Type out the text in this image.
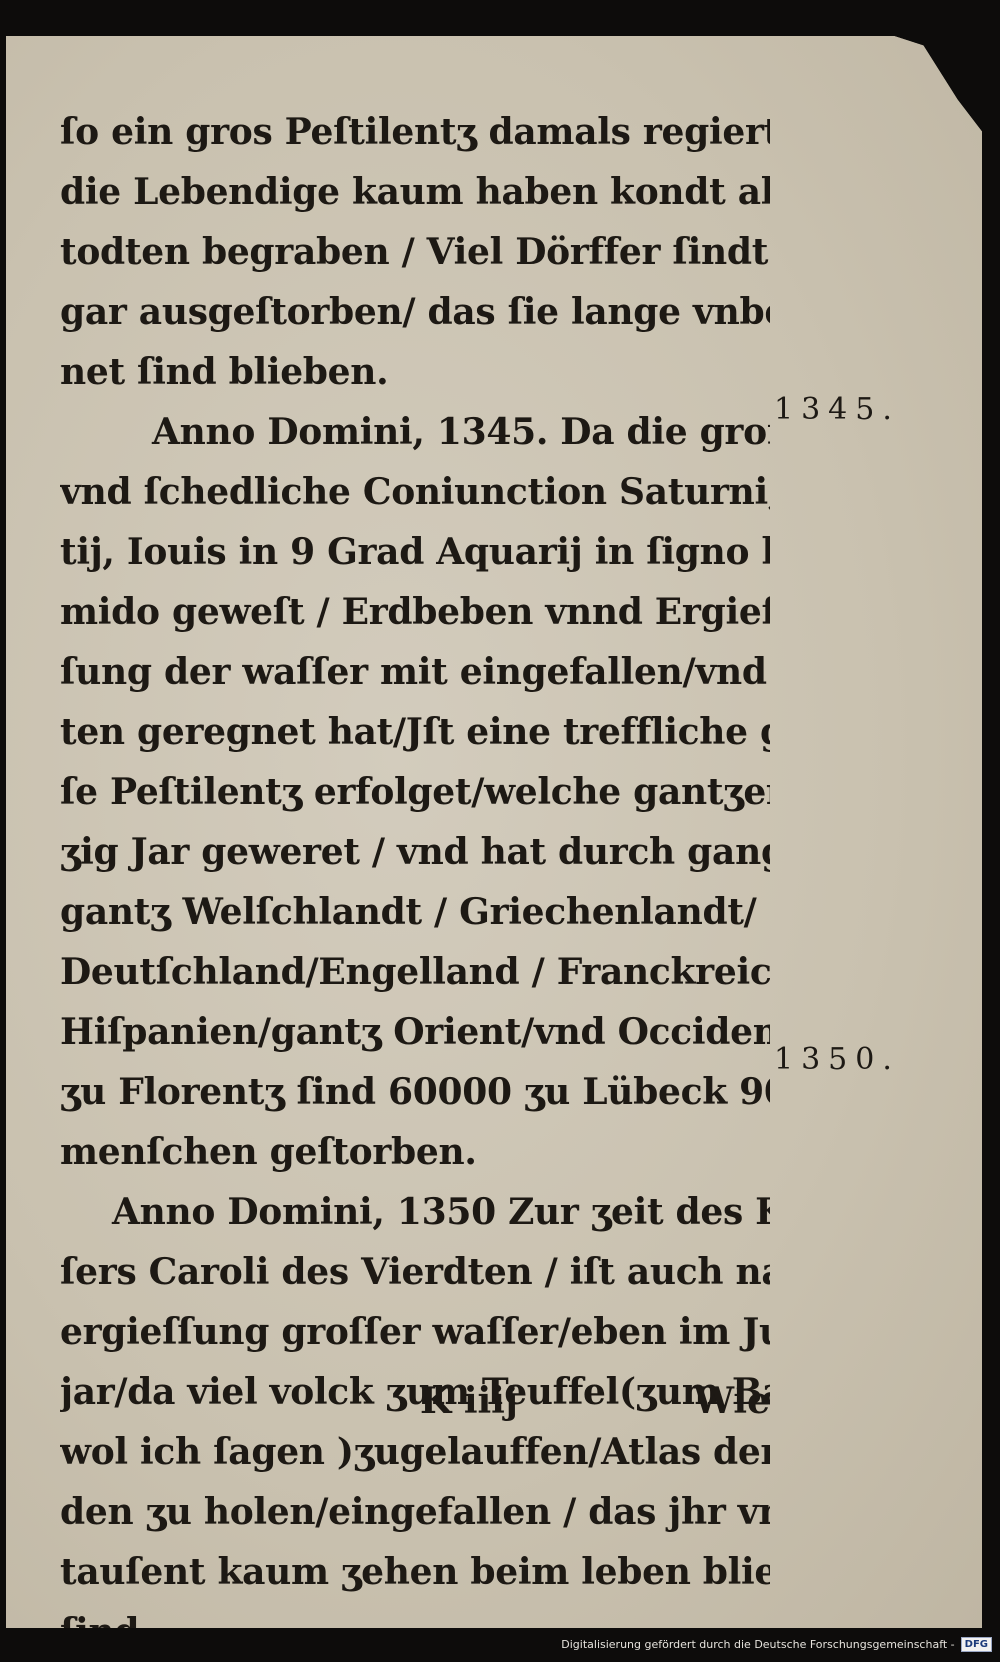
ſo ein gros Peſtilentʒ damals regier
die Lebendige kaum haben kondt alle
todten begraben / Viel Dörffer ſindt ſo
gar ausgeſtorben/ das ſie lange vnb
net ſind blieben.
Anno Domini, 1345. Da die groſſe
vnd ſchedliche Coniunction Saturni,
tij, Iouis in 9 Grad Aquarij in ſigno hu-
mido geweſt / Erdbeben vnnd Ergieſ=
ſung der waſſer mit eingefallen/vnd
ten geregnet hat/Jſt eine treffliche
ſe Peſtilentʒ erfolget/welche gantʒer
ʒig Jar geweret / vnd hat durch gangen
gantʒ Welſchlandt / Griechenlandt/
Deutſchland/Engelland / Franckreich/
Hiſpanien/gantʒ Orient/vnd Occident/
ʒu Florentʒ ſind 60000 ʒu Lübeck 9
menſchen geſtorben.
Anno Domini, 1350 Zur ʒeit des
ſers Caroli des Vierdten / iſt auch nach
ergieſſung groſſer waſſer/eben im Jubel
jar/da viel volck ʒum Teuffel(ʒum Bapſt
wol ich ſagen )ʒugelauffen/Atlas der
den ʒu holen/eingefallen / das jhr vnter
tauſent kaum ʒehen beim leben blie
ſind.
1345.
1350.
K iiij	Wie
Digitalisierung gefördert durch die Deutsche Forschungsgemeinschaft -	DFG
